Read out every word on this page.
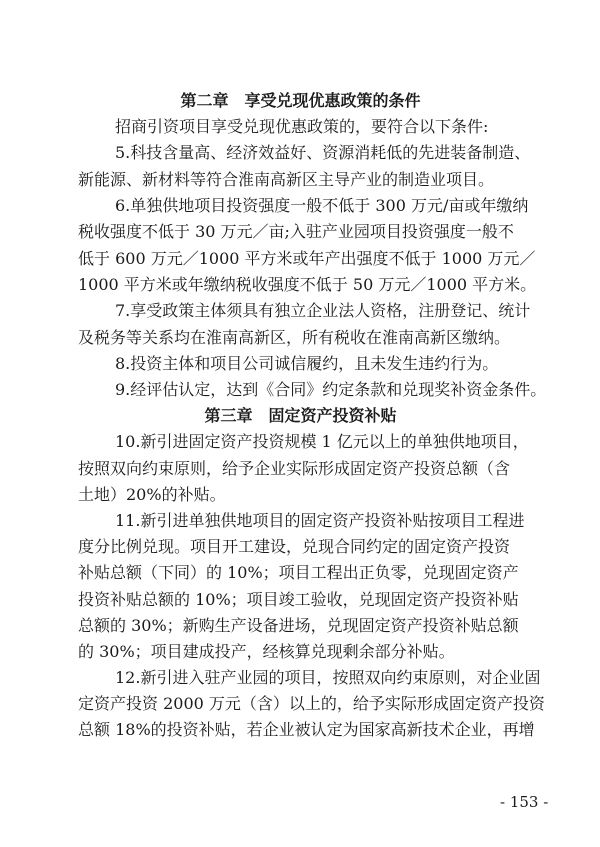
第二章　享受兑现优惠政策的条件
招商引资项目享受兑现优惠政策的，要符合以下条件:
5.科技含量高、经济效益好、资源消耗低的先进装备制造、
新能源、新材料等符合淮南高新区主导产业的制造业项目。
6.单独供地项目投资强度一般不低于 300 万元/亩或年缴纳
税收强度不低于 30 万元／亩;入驻产业园项目投资强度一般不
低于 600 万元／1000 平方米或年产出强度不低于 1000 万元／
1000 平方米或年缴纳税收强度不低于 50 万元／1000 平方米。
7.享受政策主体须具有独立企业法人资格，注册登记、统计
及税务等关系均在淮南高新区，所有税收在淮南高新区缴纳。
8.投资主体和项目公司诚信履约，且未发生违约行为。
9.经评估认定，达到《合同》约定条款和兑现奖补资金条件。
第三章　固定资产投资补贴
10.新引进固定资产投资规模 1 亿元以上的单独供地项目，
按照双向约束原则，给予企业实际形成固定资产投资总额（含
土地）20%的补贴。
11.新引进单独供地项目的固定资产投资补贴按项目工程进
度分比例兑现。项目开工建设，兑现合同约定的固定资产投资
补贴总额（下同）的 10%；项目工程出正负零，兑现固定资产
投资补贴总额的 10%；项目竣工验收，兑现固定资产投资补贴
总额的 30%；新购生产设备进场，兑现固定资产投资补贴总额
的 30%；项目建成投产，经核算兑现剩余部分补贴。
12.新引进入驻产业园的项目，按照双向约束原则，对企业固
定资产投资 2000 万元（含）以上的，给予实际形成固定资产投资
总额 18%的投资补贴，若企业被认定为国家高新技术企业，再增
- 153 -
